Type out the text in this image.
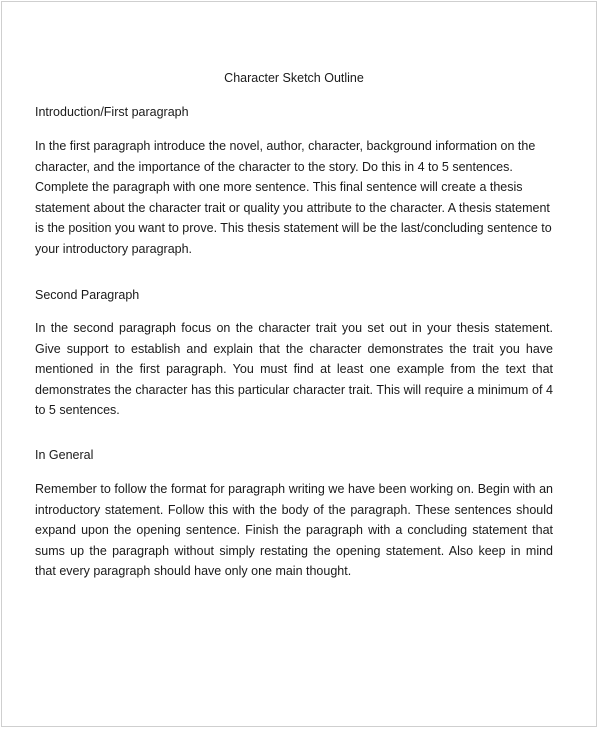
Character Sketch Outline
Introduction/First paragraph

In the first paragraph introduce the novel, author, character, background information on the character, and the importance of the character to the story. Do this in 4 to 5 sentences. Complete the paragraph with one more sentence. This final sentence will create a thesis statement about the character trait or quality you attribute to the character. A thesis statement is the position you want to prove. This thesis statement will be the last/concluding sentence to your introductory paragraph.

Second Paragraph

In the second paragraph focus on the character trait you set out in your thesis statement. Give support to establish and explain that the character demonstrates the trait you have mentioned in the first paragraph. You must find at least one example from the text that demonstrates the character has this particular character trait. This will require a minimum of 4 to 5 sentences.

In General

Remember to follow the format for paragraph writing we have been working on. Begin with an introductory statement. Follow this with the body of the paragraph. These sentences should expand upon the opening sentence. Finish the paragraph with a concluding statement that sums up the paragraph without simply restating the opening statement. Also keep in mind that every paragraph should have only one main thought.
